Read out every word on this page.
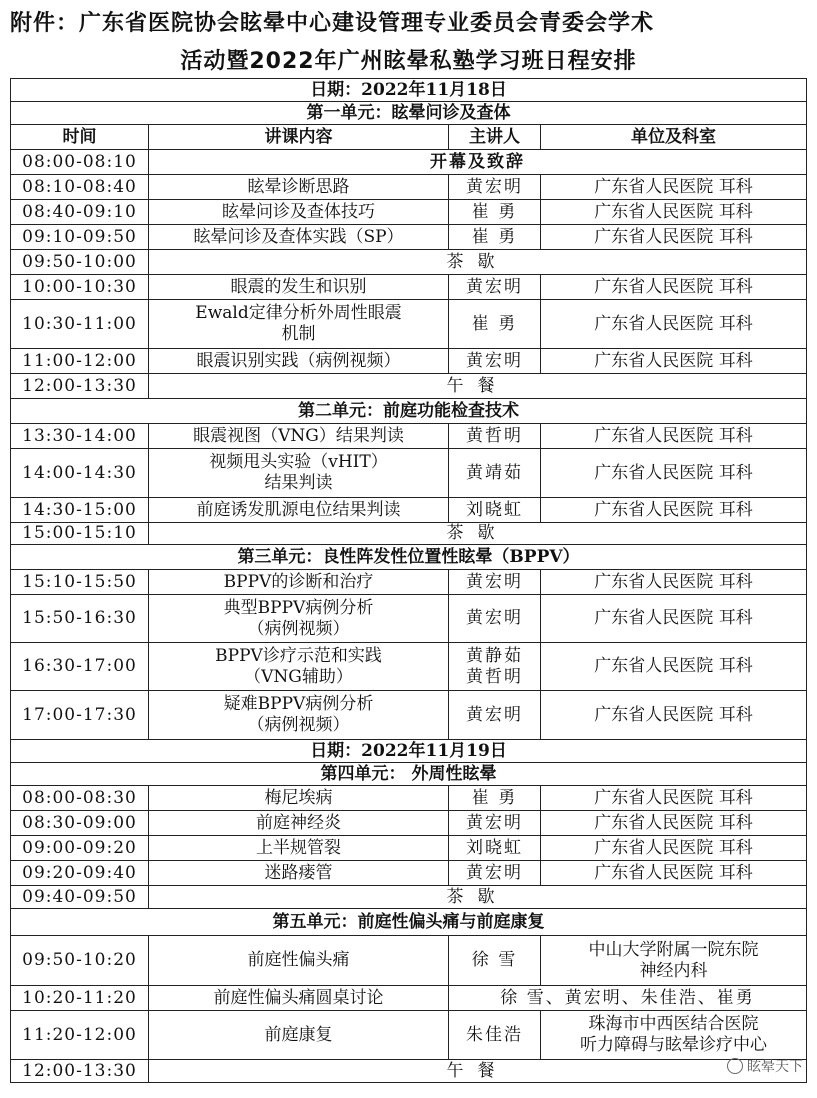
附件：广东省医院协会眩晕中心建设管理专业委员会青委会学术
活动暨2022年广州眩晕私塾学习班日程安排
日期：2022年11月18日			
第一单元：眩晕问诊及查体			
时间	讲课内容	主讲人	单位及科室
08:00-08:10	开幕及致辞		
08:10-08:40	眩晕诊断思路	黄宏明	广东省人民医院 耳科
08:40-09:10	眩晕问诊及查体技巧	崔 勇	广东省人民医院 耳科
09:10-09:50	眩晕问诊及查体实践（SP）	崔 勇	广东省人民医院 耳科
09:50-10:00	茶歇		
10:00-10:30	眼震的发生和识别	黄宏明	广东省人民医院 耳科
10:30-11:00	Ewald定律分析外周性眼震
机制	崔 勇	广东省人民医院 耳科
11:00-12:00	眼震识别实践（病例视频）	黄宏明	广东省人民医院 耳科
12:00-13:30	午餐		
第二单元：前庭功能检查技术			
13:30-14:00	眼震视图（VNG）结果判读	黄哲明	广东省人民医院 耳科
14:00-14:30	视频甩头实验（vHIT）
结果判读	黄靖茹	广东省人民医院 耳科
14:30-15:00	前庭诱发肌源电位结果判读	刘晓虹	广东省人民医院 耳科
15:00-15:10	茶歇		
第三单元：良性阵发性位置性眩晕（BPPV）			
15:10-15:50	BPPV的诊断和治疗	黄宏明	广东省人民医院 耳科
15:50-16:30	典型BPPV病例分析
（病例视频）	黄宏明	广东省人民医院 耳科
16:30-17:00	BPPV诊疗示范和实践
（VNG辅助）	黄静茹
黄哲明	广东省人民医院 耳科
17:00-17:30	疑难BPPV病例分析
（病例视频）	黄宏明	广东省人民医院 耳科
日期：2022年11月19日			
第四单元： 外周性眩晕			
08:00-08:30	梅尼埃病	崔 勇	广东省人民医院 耳科
08:30-09:00	前庭神经炎	黄宏明	广东省人民医院 耳科
09:00-09:20	上半规管裂	刘晓虹	广东省人民医院 耳科
09:20-09:40	迷路瘘管	黄宏明	广东省人民医院 耳科
09:40-09:50	茶歇		
第五单元：前庭性偏头痛与前庭康复			
09:50-10:20	前庭性偏头痛	徐 雪	中山大学附属一院东院
神经内科
10:20-11:20	前庭性偏头痛圆桌讨论	徐 雪、黄宏明、朱佳浩、崔勇	
11:20-12:00	前庭康复	朱佳浩	珠海市中西医结合医院
听力障碍与眩晕诊疗中心
12:00-13:30	午餐			眩晕天下
